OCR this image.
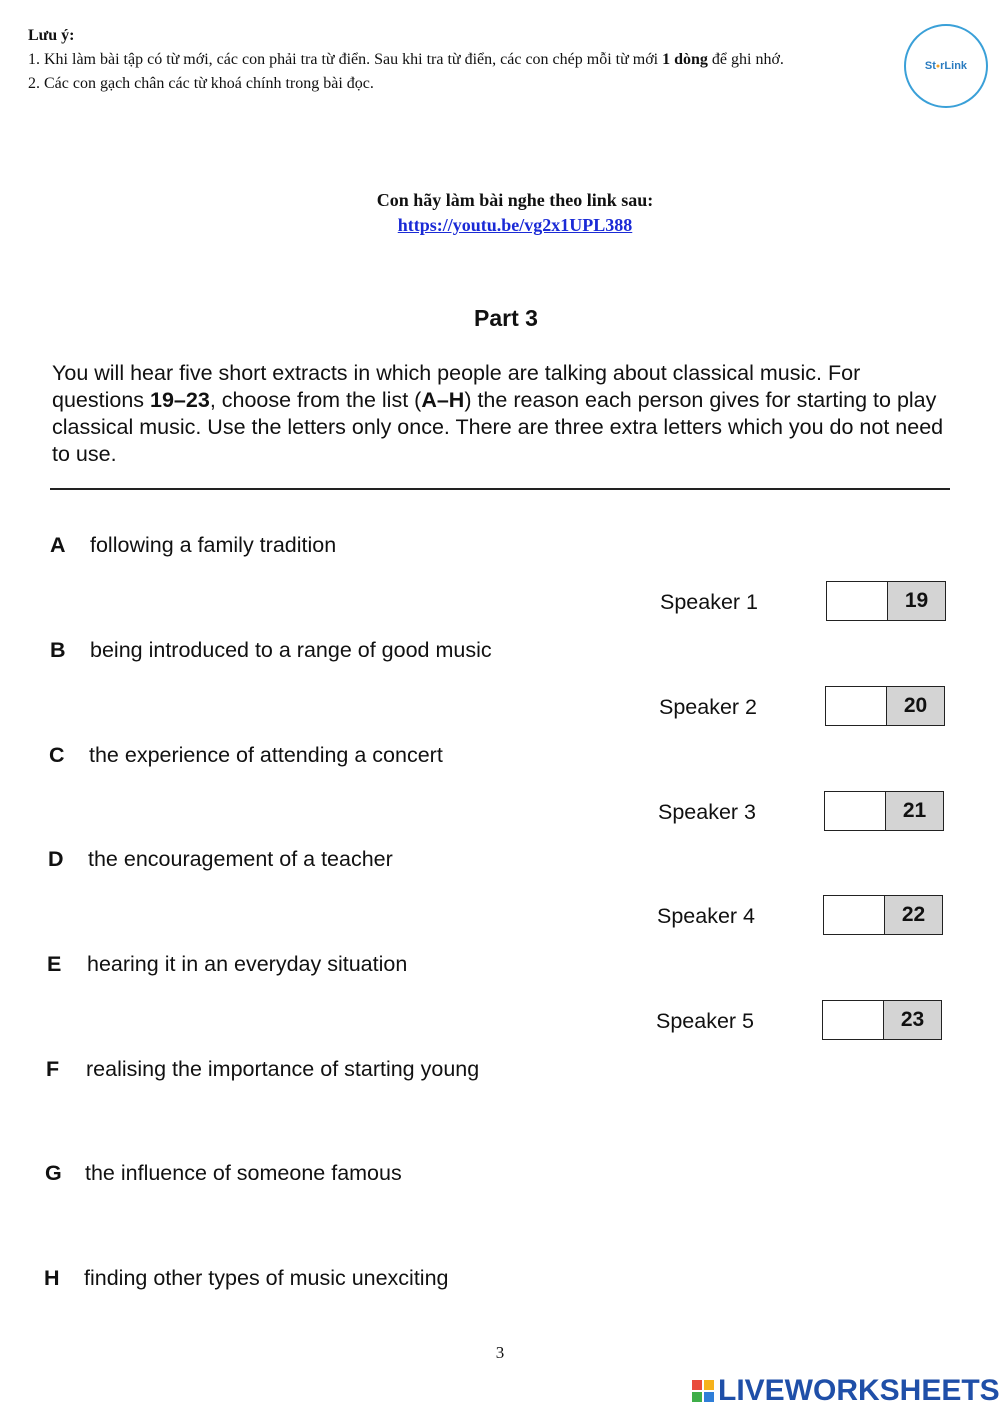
Lưu ý:
1. Khi làm bài tập có từ mới, các con phải tra từ điển. Sau khi tra từ điển, các con chép mỗi từ mới 1 dòng để ghi nhớ.
2. Các con gạch chân các từ khoá chính trong bài đọc.
St ● rLink
Con hãy làm bài nghe theo link sau:
https://youtu.be/vg2x1UPL388
Part 3
You will hear five short extracts in which people are talking about classical music. For questions 19–23, choose from the list (A–H) the reason each person gives for starting to play classical music. Use the letters only once. There are three extra letters which you do not need to use.
A following a family tradition
B being introduced to a range of good music
C the experience of attending a concert
D the encouragement of a teacher
E hearing it in an everyday situation
F realising the importance of starting young
G the influence of someone famous
H finding other types of music unexciting
Speaker 1	19
Speaker 2	20
Speaker 3	21
Speaker 4	22
Speaker 5	23
3
LIVEWORKSHEETS
